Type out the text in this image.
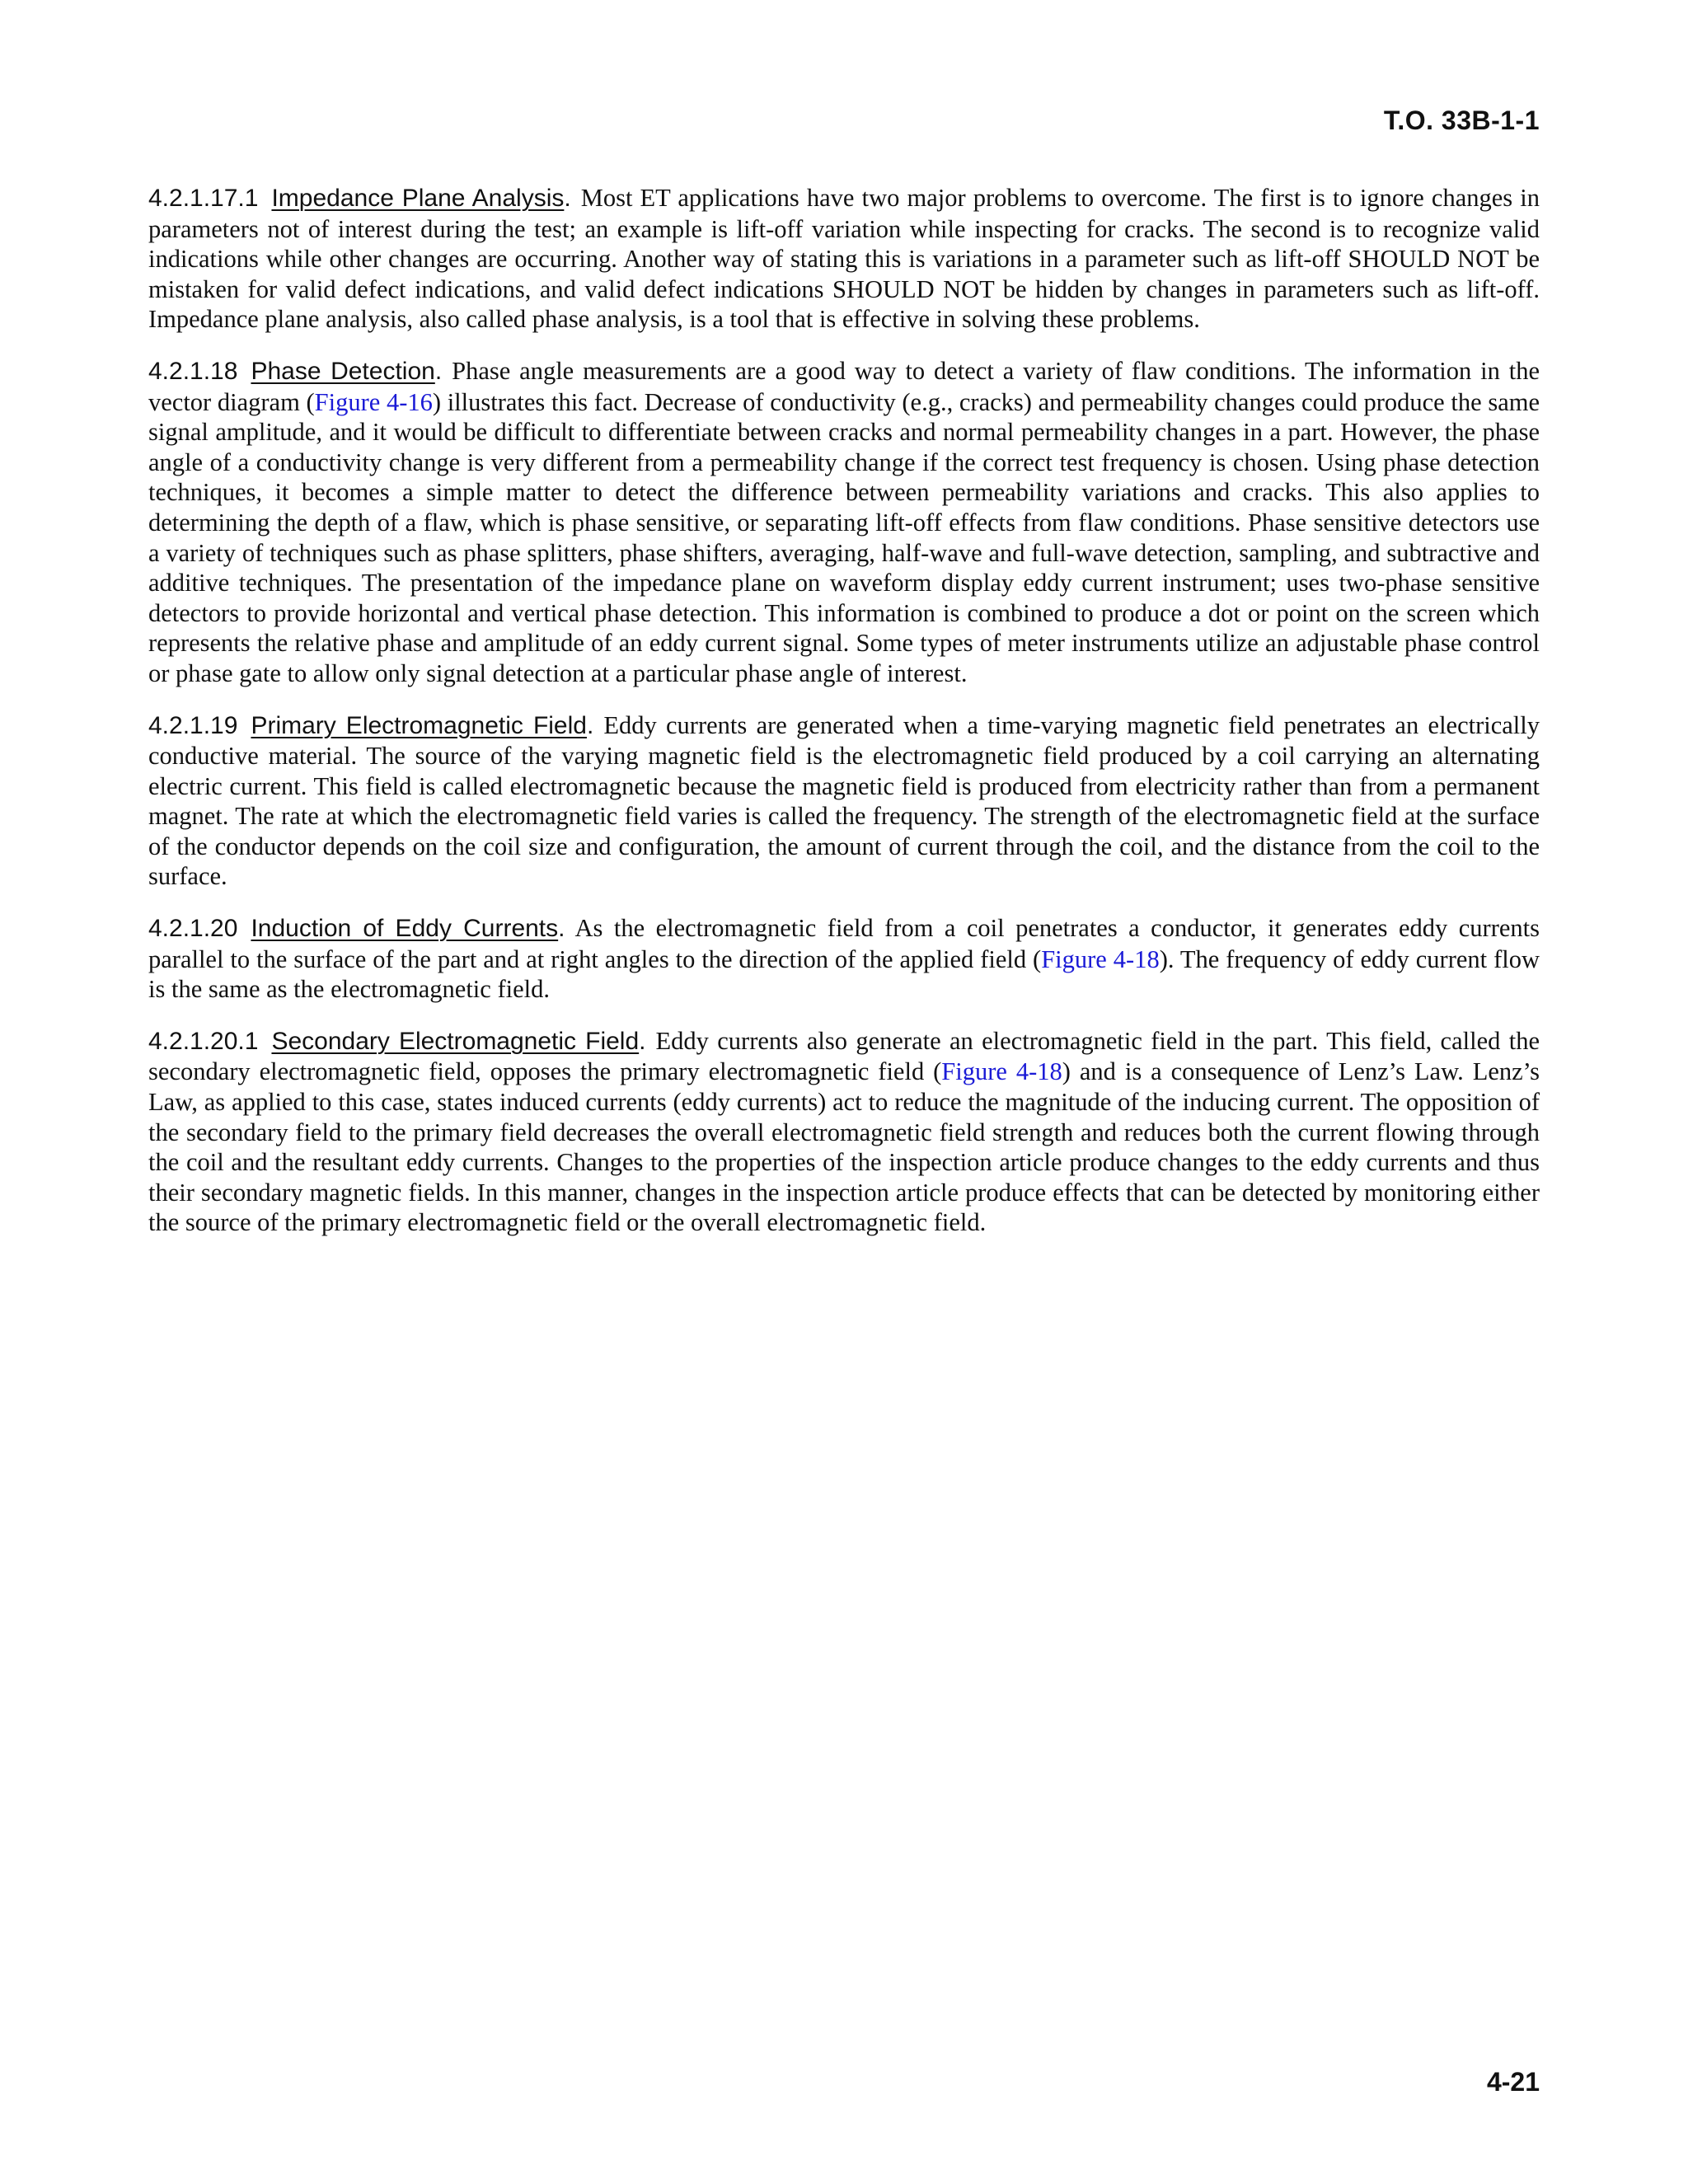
T.O. 33B-1-1

4.2.1.17.1 Impedance Plane Analysis. Most ET applications have two major problems to overcome. The first is to ignore changes in parameters not of interest during the test; an example is lift-off variation while inspecting for cracks. The second is to recognize valid indications while other changes are occurring. Another way of stating this is variations in a parameter such as lift-off SHOULD NOT be mistaken for valid defect indications, and valid defect indications SHOULD NOT be hidden by changes in parameters such as lift-off. Impedance plane analysis, also called phase analysis, is a tool that is effective in solving these problems.

4.2.1.18 Phase Detection. Phase angle measurements are a good way to detect a variety of flaw conditions. The information in the vector diagram (Figure 4-16) illustrates this fact. Decrease of conductivity (e.g., cracks) and permeability changes could produce the same signal amplitude, and it would be difficult to differentiate between cracks and normal permeability changes in a part. However, the phase angle of a conductivity change is very different from a permeability change if the correct test frequency is chosen. Using phase detection techniques, it becomes a simple matter to detect the difference between permeability variations and cracks. This also applies to determining the depth of a flaw, which is phase sensitive, or separating lift-off effects from flaw conditions. Phase sensitive detectors use a variety of techniques such as phase splitters, phase shifters, averaging, half-wave and full-wave detection, sampling, and subtractive and additive techniques. The presentation of the impedance plane on waveform display eddy current instrument; uses two-phase sensitive detectors to provide horizontal and vertical phase detection. This information is combined to produce a dot or point on the screen which represents the relative phase and amplitude of an eddy current signal. Some types of meter instruments utilize an adjustable phase control or phase gate to allow only signal detection at a particular phase angle of interest.

4.2.1.19 Primary Electromagnetic Field. Eddy currents are generated when a time-varying magnetic field penetrates an electrically conductive material. The source of the varying magnetic field is the electromagnetic field produced by a coil carrying an alternating electric current. This field is called electromagnetic because the magnetic field is produced from electricity rather than from a permanent magnet. The rate at which the electromagnetic field varies is called the frequency. The strength of the electromagnetic field at the surface of the conductor depends on the coil size and configuration, the amount of current through the coil, and the distance from the coil to the surface.

4.2.1.20 Induction of Eddy Currents. As the electromagnetic field from a coil penetrates a conductor, it generates eddy currents parallel to the surface of the part and at right angles to the direction of the applied field (Figure 4-18). The frequency of eddy current flow is the same as the electromagnetic field.

4.2.1.20.1 Secondary Electromagnetic Field. Eddy currents also generate an electromagnetic field in the part. This field, called the secondary electromagnetic field, opposes the primary electromagnetic field (Figure 4-18) and is a consequence of Lenz’s Law. Lenz’s Law, as applied to this case, states induced currents (eddy currents) act to reduce the magnitude of the inducing current. The opposition of the secondary field to the primary field decreases the overall electromagnetic field strength and reduces both the current flowing through the coil and the resultant eddy currents. Changes to the properties of the inspection article produce changes to the eddy currents and thus their secondary magnetic fields. In this manner, changes in the inspection article produce effects that can be detected by monitoring either the source of the primary electromagnetic field or the overall electromagnetic field.

4-21
